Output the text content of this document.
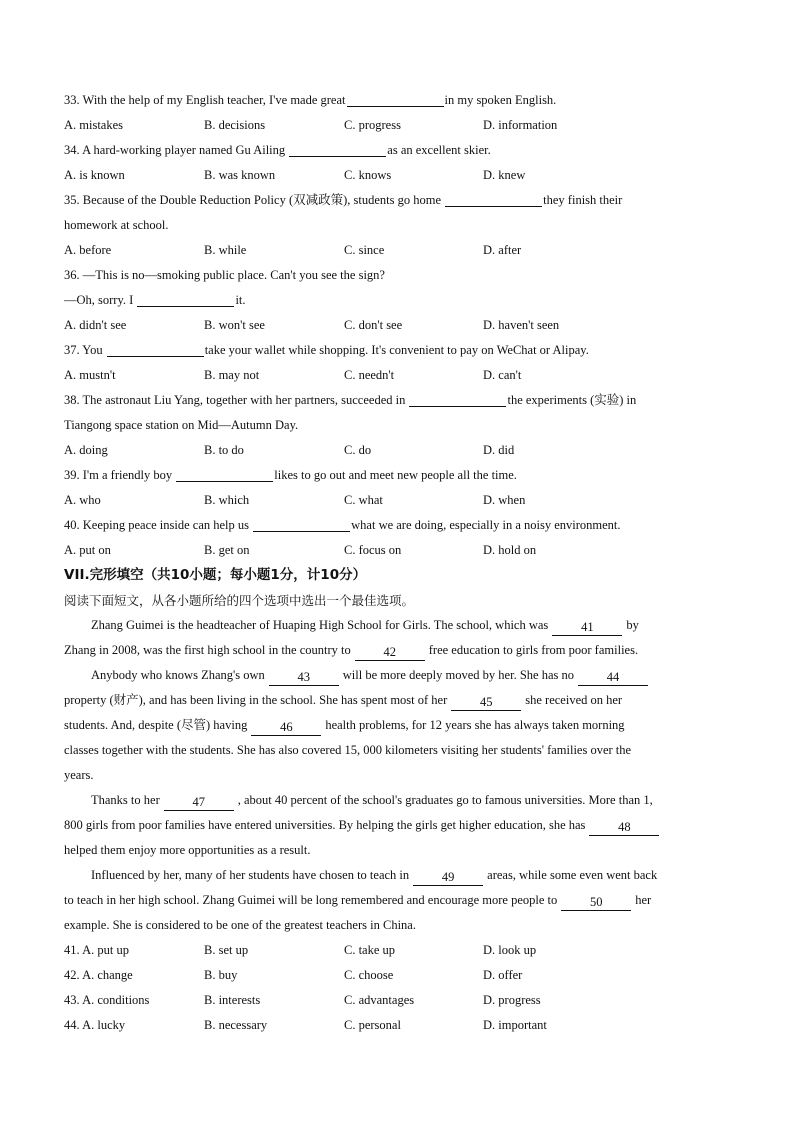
33. With the help of my English teacher, I've made great	in my spoken English.
A. mistakes	B. decisions	C. progress	D. information
34. A hard-working player named Gu Ailing	as an excellent skier.
A. is known	B. was known	C. knows	D. knew
35. Because of the Double Reduction Policy (双减政策), students go home	they finish their
homework at school.
A. before	B. while	C. since	D. after
36. —This is no—smoking public place. Can't you see the sign?
—Oh, sorry. I	it.
A. didn't see	B. won't see	C. don't see	D. haven't seen
37. You	take your wallet while shopping. It's convenient to pay on WeChat or Alipay.
A. mustn't	B. may not	C. needn't	D. can't
38. The astronaut Liu Yang, together with her partners, succeeded in	the experiments (实验) in
Tiangong space station on Mid—Autumn Day.
A. doing	B. to do	C. do	D. did
39. I'm a friendly boy	likes to go out and meet new people all the time.
A. who	B. which	C. what	D. when
40. Keeping peace inside can help us	what we are doing, especially in a noisy environment.
A. put on	B. get on	C. focus on	D. hold on
VII.完形填空（共10小题；每小题1分，计10分）
阅读下面短文，从各小题所给的四个选项中选出一个最佳选项。
Zhang Guimei is the headteacher of Huaping High School for Girls. The school, which was	41	by
Zhang in 2008, was the first high school in the country to	42	free education to girls from poor families.
Anybody who knows Zhang's own	43	will be more deeply moved by her. She has no	44
property (财产), and has been living in the school. She has spent most of her	45	she received on her
students. And, despite (尽管) having	46	health problems, for 12 years she has always taken morning
classes together with the students. She has also covered 15, 000 kilometers visiting her students' families over the
years.
Thanks to her	47	, about 40 percent of the school's graduates go to famous universities. More than 1,
800 girls from poor families have entered universities. By helping the girls get higher education, she has	48
helped them enjoy more opportunities as a result.
Influenced by her, many of her students have chosen to teach in	49	areas, while some even went back
to teach in her high school. Zhang Guimei will be long remembered and encourage more people to	50	her
example. She is considered to be one of the greatest teachers in China.
41. A. put up	B. set up	C. take up	D. look up
42. A. change	B. buy	C. choose	D. offer
43. A. conditions	B. interests	C. advantages	D. progress
44. A. lucky	B. necessary	C. personal	D. important
